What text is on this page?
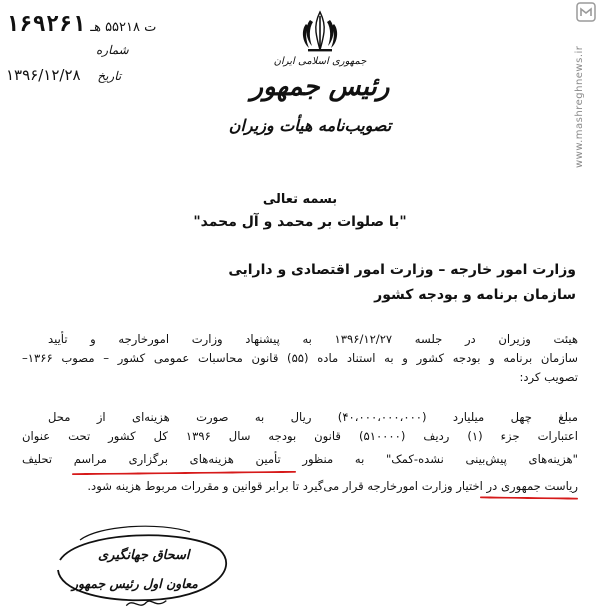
۱۶۹۲۶۱ ت ۵۵۲۱۸ هـ
شماره
۱۳۹۶/۱۲/۲۸ تاریخ
جمهوری اسلامی ایران
رئیس جمهور
تصویب‌نامه هیأت وزیران	www.mashreghnews.ir
بسمه تعالی
"با صلوات بر محمد و آل محمد"
وزارت امور خارجه – وزارت امور اقتصادی و دارایی
سازمان برنامه و بودجه کشور
هیئت وزیران در جلسه ۱۳۹۶/۱۲/۲۷ به پیشنهاد وزارت امورخارجه و تأیید
سازمان برنامه و بودجه کشور و به استناد ماده (۵۵) قانون محاسبات عمومی کشور – مصوب ۱۳۶۶–
تصویب کرد:
مبلغ چهل میلیارد (۴۰،۰۰۰،۰۰۰،۰۰۰) ریال به صورت هزینه‌ای از محل
اعتبارات جزء (۱) ردیف (۵۱۰۰۰۰) قانون بودجه سال ۱۳۹۶ کل کشور تحت عنوان
"هزینه‌های پیش‌بینی نشده-کمک" به منظور تأمین هزینه‌های برگزاری مراسم تحلیف
ریاست جمهوری در اختیار وزارت امورخارجه قرار می‌گیرد تا برابر قوانین و مقررات مربوط هزینه شود.
اسحاق جهانگیری
معاون اول رئیس جمهور
